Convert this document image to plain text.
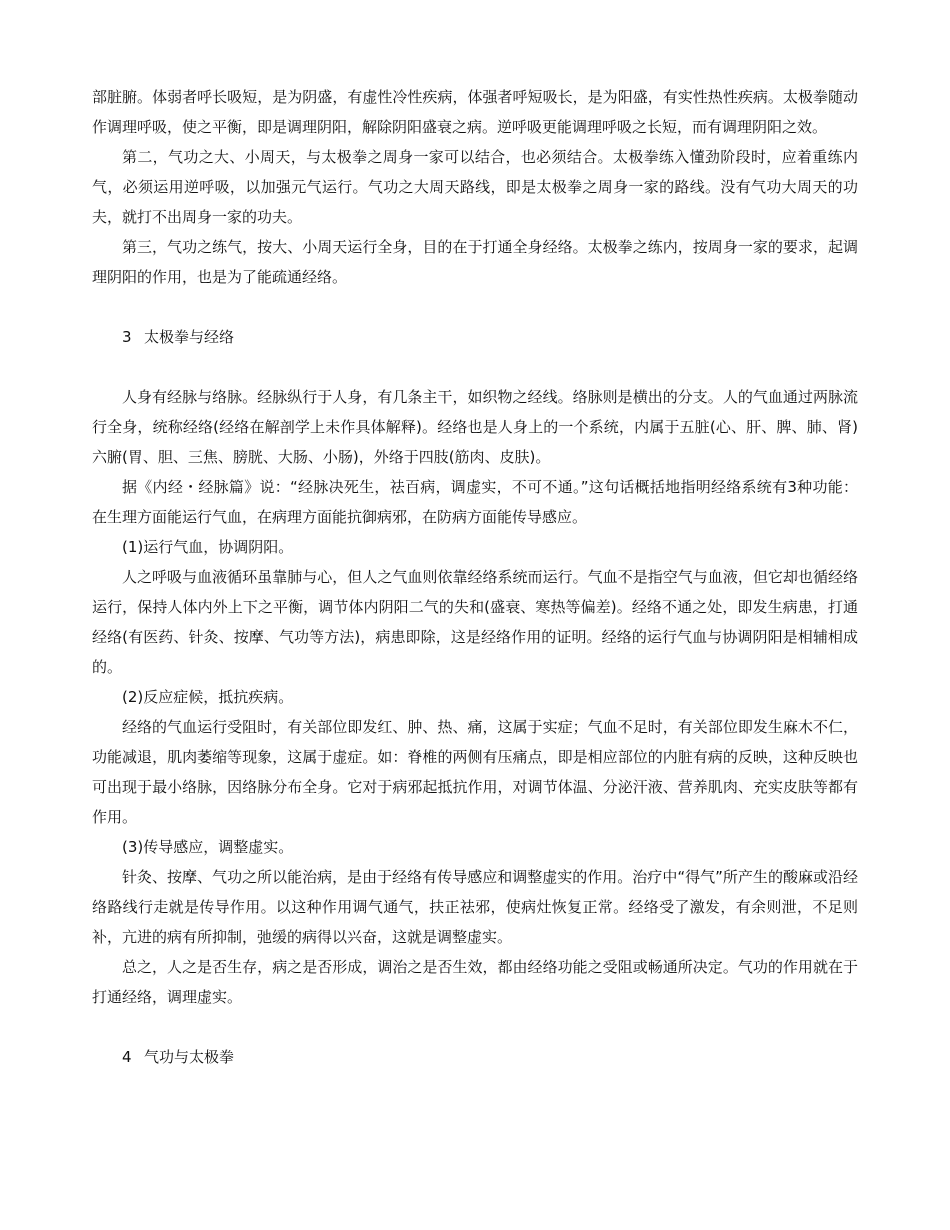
部脏腑。体弱者呼长吸短，是为阴盛，有虚性冷性疾病，体强者呼短吸长，是为阳盛，有实性热性疾病。太极拳随动作调理呼吸，使之平衡，即是调理阴阳，解除阴阳盛衰之病。逆呼吸更能调理呼吸之长短，而有调理阴阳之效。

第二，气功之大、小周天，与太极拳之周身一家可以结合，也必须结合。太极拳练入懂劲阶段时，应着重练内气，必须运用逆呼吸，以加强元气运行。气功之大周天路线，即是太极拳之周身一家的路线。没有气功大周天的功夫，就打不出周身一家的功夫。

第三，气功之练气，按大、小周天运行全身，目的在于打通全身经络。太极拳之练内，按周身一家的要求，起调理阴阳的作用，也是为了能疏通经络。

3 太极拳与经络

人身有经脉与络脉。经脉纵行于人身，有几条主干，如织物之经线。络脉则是横出的分支。人的气血通过两脉流行全身，统称经络(经络在解剖学上未作具体解释)。经络也是人身上的一个系统，内属于五脏(心、肝、脾、肺、肾)六腑(胃、胆、三焦、膀胱、大肠、小肠)，外络于四肢(筋肉、皮肤)。

据《内经・经脉篇》说：“经脉决死生，祛百病，调虚实，不可不通。”这句话概括地指明经络系统有3种功能：在生理方面能运行气血，在病理方面能抗御病邪，在防病方面能传导感应。

(1)运行气血，协调阴阳。

人之呼吸与血液循环虽靠肺与心，但人之气血则依靠经络系统而运行。气血不是指空气与血液，但它却也循经络运行，保持人体内外上下之平衡，调节体内阴阳二气的失和(盛衰、寒热等偏差)。经络不通之处，即发生病患，打通经络(有医药、针灸、按摩、气功等方法)，病患即除，这是经络作用的证明。经络的运行气血与协调阴阳是相辅相成的。

(2)反应症候，抵抗疾病。

经络的气血运行受阻时，有关部位即发红、肿、热、痛，这属于实症；气血不足时，有关部位即发生麻木不仁，功能减退，肌肉萎缩等现象，这属于虚症。如：脊椎的两侧有压痛点，即是相应部位的内脏有病的反映，这种反映也可出现于最小络脉，因络脉分布全身。它对于病邪起抵抗作用，对调节体温、分泌汗液、营养肌肉、充实皮肤等都有作用。

(3)传导感应，调整虚实。

针灸、按摩、气功之所以能治病，是由于经络有传导感应和调整虚实的作用。治疗中“得气”所产生的酸麻或沿经络路线行走就是传导作用。以这种作用调气通气，扶正祛邪，使病灶恢复正常。经络受了激发，有余则泄，不足则补，亢进的病有所抑制，弛缓的病得以兴奋，这就是调整虚实。

总之，人之是否生存，病之是否形成，调治之是否生效，都由经络功能之受阻或畅通所决定。气功的作用就在于打通经络，调理虚实。

4 气功与太极拳
